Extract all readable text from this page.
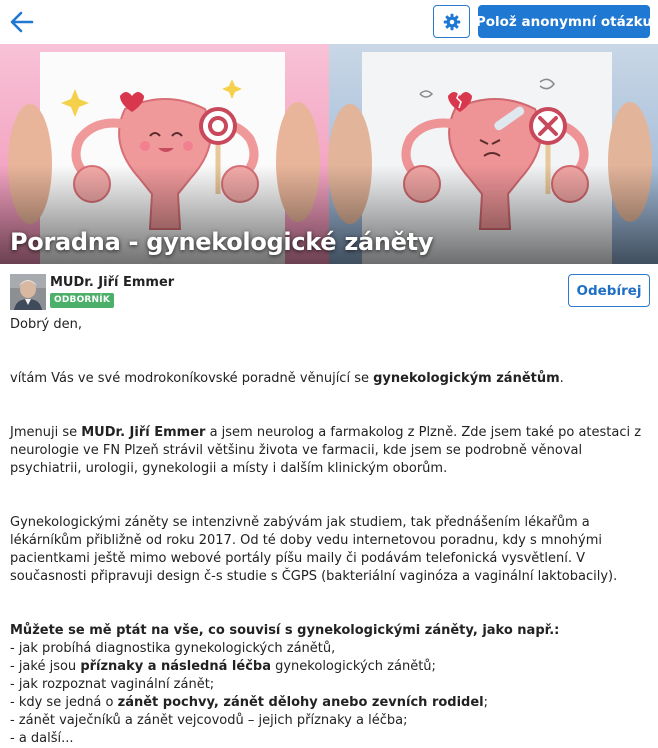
Polož anonymní otázku
Poradna - gynekologické záněty
MUDr. Jiří Emmer
ODBORNÍK
Odebírej

Dobrý den,

vítám Vás ve své modrokoníkovské poradně věnující se gynekologickým zánětům.

Jmenuji se MUDr. Jiří Emmer a jsem neurolog a farmakolog z Plzně. Zde jsem také po atestaci z neurologie ve FN Plzeň strávil většinu života ve farmacii, kde jsem se podrobně věnoval psychiatrii, urologii, gynekologii a místy i dalším klinickým oborům.

Gynekologickými záněty se intenzivně zabývám jak studiem, tak přednášením lékařům a lékárníkům přibližně od roku 2017. Od té doby vedu internetovou poradnu, kdy s mnohými pacientkami ještě mimo webové portály píšu maily či podávám telefonická vysvětlení. V současnosti připravuji design č-s studie s ČGPS (bakteriální vaginóza a vaginální laktobacily).

Můžete se mě ptát na vše, co souvisí s gynekologickými záněty, jako např.:

- jak probíhá diagnostika gynekologických zánětů,

- jaké jsou příznaky a následná léčba gynekologických zánětů;

- jak rozpoznat vaginální zánět;

- kdy se jedná o zánět pochvy, zánět dělohy anebo zevních rodidel;

- zánět vaječníků a zánět vejcovodů – jejich příznaky a léčba;

- a další...
